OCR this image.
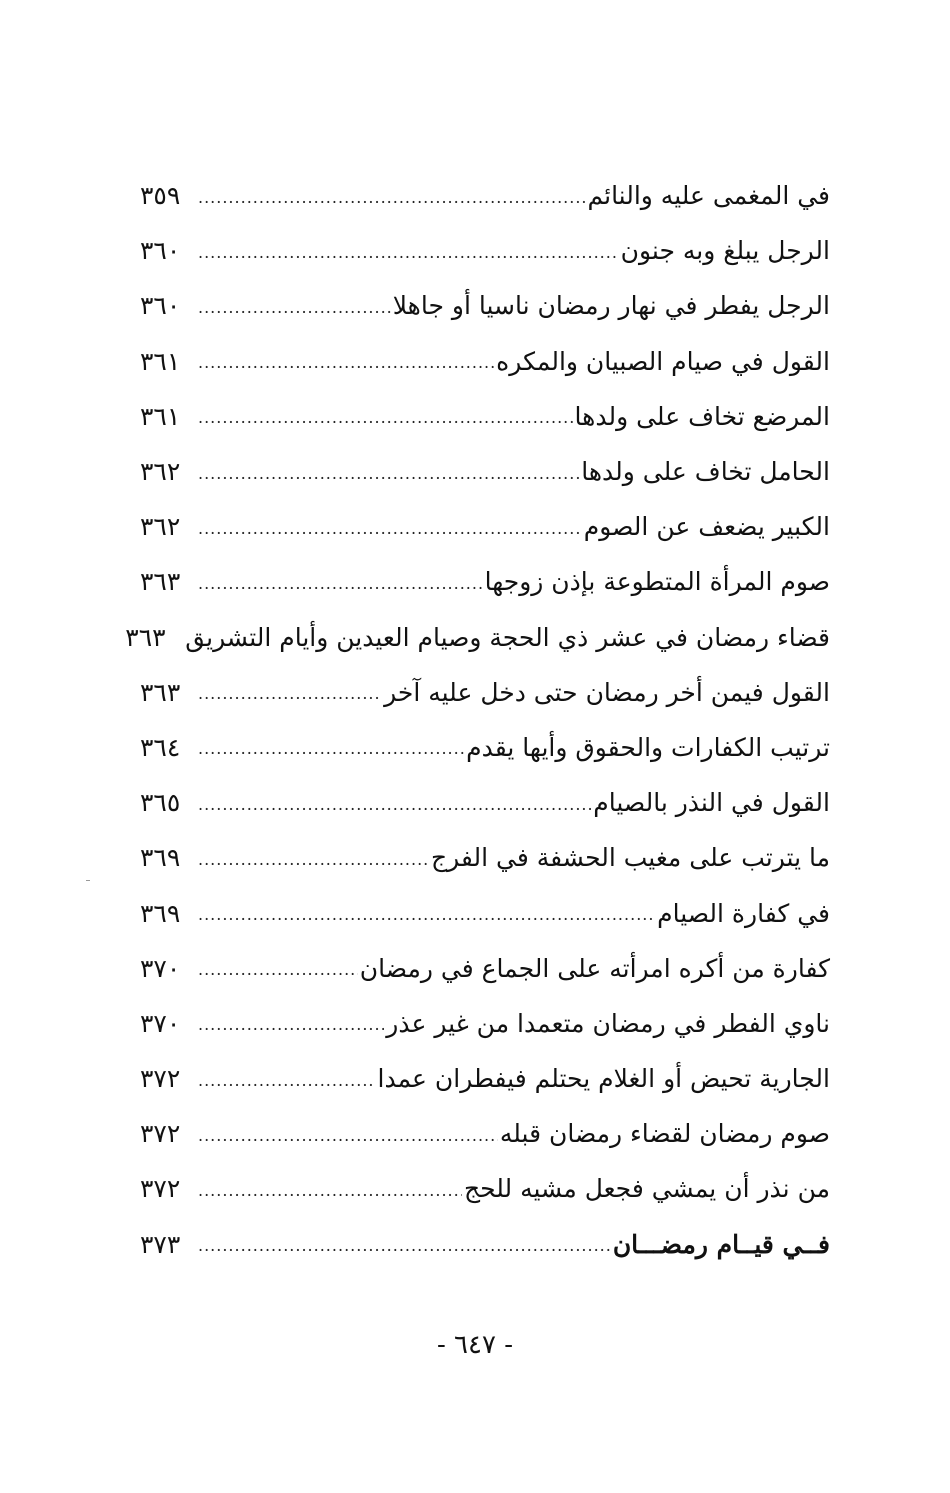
في المغمى عليه والنائم
.....
٣٥٩
الرجل يبلغ وبه جنون
.....
٣٦٠
الرجل يفطر في نهار رمضان ناسيا أو جاهلا
.....
٣٦٠
القول في صيام الصبيان والمكره
.....
٣٦١
المرضع تخاف على ولدها
.....
٣٦١
الحامل تخاف على ولدها
.....
٣٦٢
الكبير يضعف عن الصوم
.....
٣٦٢
صوم المرأة المتطوعة بإذن زوجها
.....
٣٦٣
قضاء رمضان في عشر ذي الحجة وصيام العيدين وأيام التشريق
٣٦٣
القول فيمن أخر رمضان حتى دخل عليه آخر
.....
٣٦٣
ترتيب الكفارات والحقوق وأيها يقدم
.....
٣٦٤
القول في النذر بالصيام
.....
٣٦٥
ما يترتب على مغيب الحشفة في الفرج
.....
٣٦٩
في كفارة الصيام
.....
٣٦٩
كفارة من أكره امرأته على الجماع في رمضان
.....
٣٧٠
ناوي الفطر في رمضان متعمدا من غير عذر
.....
٣٧٠
الجارية تحيض أو الغلام يحتلم فيفطران عمدا
.....
٣٧٢
صوم رمضان لقضاء رمضان قبله
.....
٣٧٢
من نذر أن يمشي فجعل مشيه للحج
.....
٣٧٢
فــي قيــام رمضـــان
.....
٣٧٣
- ٦٤٧ -
